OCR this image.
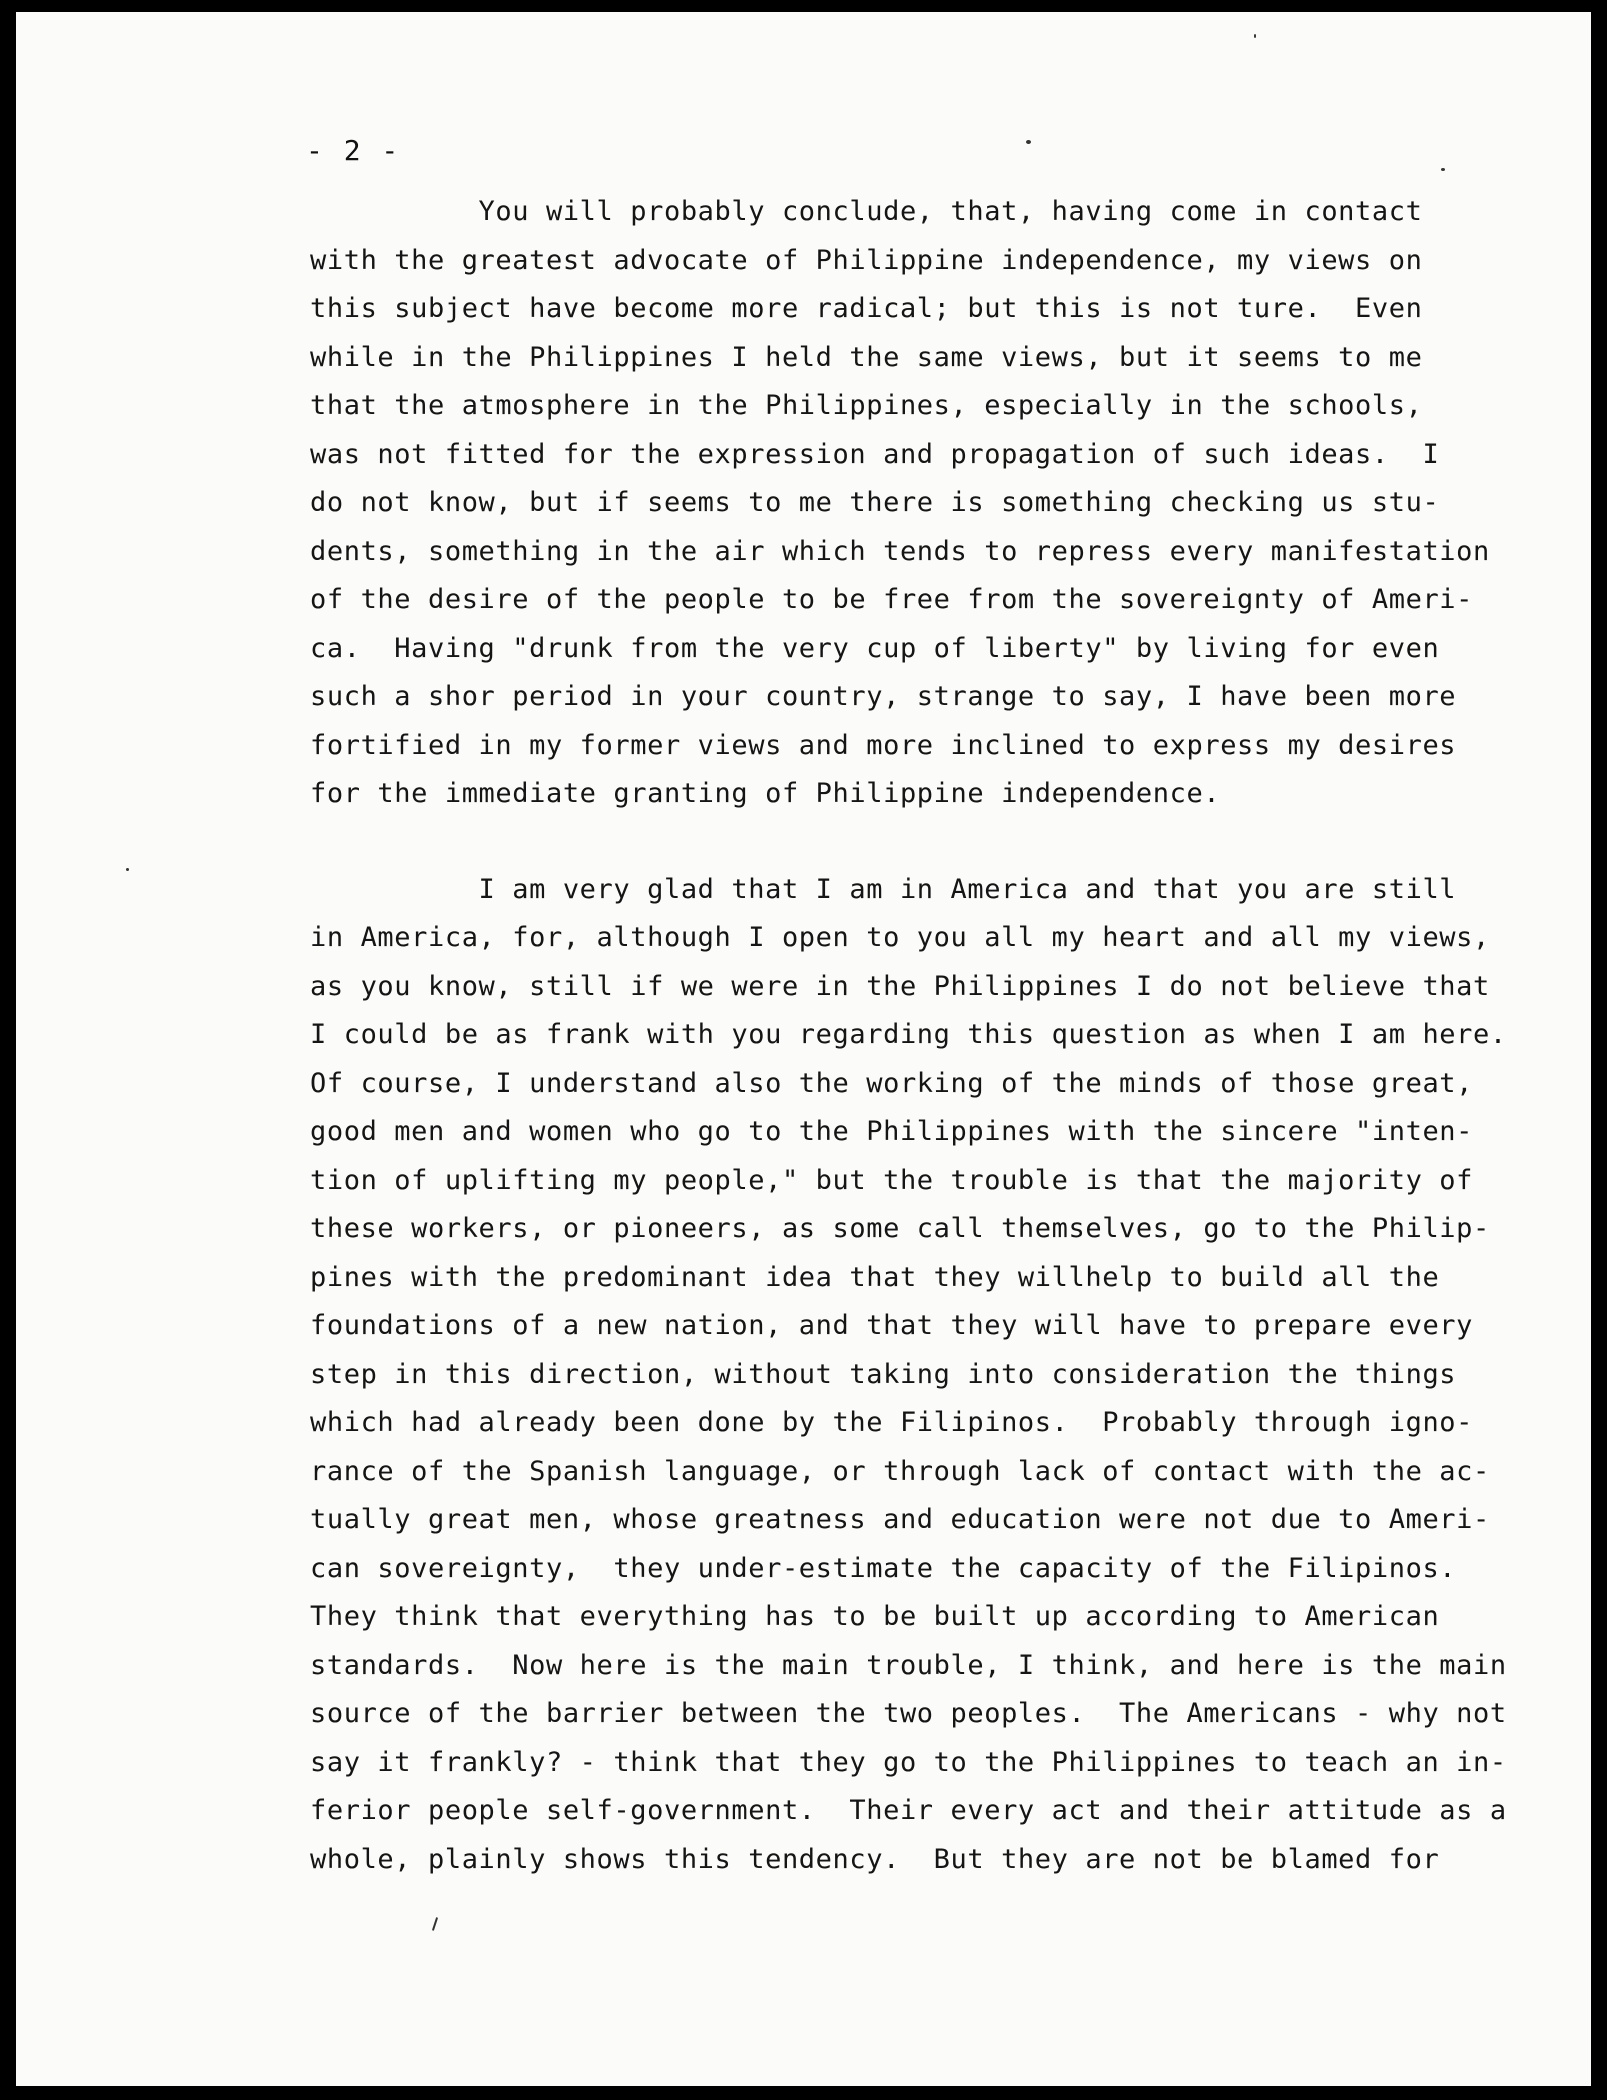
- 2 -
You will probably conclude, that, having come in contact
with the greatest advocate of Philippine independence, my views on
this subject have become more radical; but this is not ture.  Even
while in the Philippines I held the same views, but it seems to me
that the atmosphere in the Philippines, especially in the schools,
was not fitted for the expression and propagation of such ideas.  I
do not know, but if seems to me there is something checking us stu-
dents, something in the air which tends to repress every manifestation
of the desire of the people to be free from the sovereignty of Ameri-
ca.  Having "drunk from the very cup of liberty" by living for even
such a shor period in your country, strange to say, I have been more
fortified in my former views and more inclined to express my desires
for the immediate granting of Philippine independence.
I am very glad that I am in America and that you are still
in America, for, although I open to you all my heart and all my views,
as you know, still if we were in the Philippines I do not believe that
I could be as frank with you regarding this question as when I am here.
Of course, I understand also the working of the minds of those great,
good men and women who go to the Philippines with the sincere "inten-
tion of uplifting my people," but the trouble is that the majority of
these workers, or pioneers, as some call themselves, go to the Philip-
pines with the predominant idea that they willhelp to build all the
foundations of a new nation, and that they will have to prepare every
step in this direction, without taking into consideration the things
which had already been done by the Filipinos.  Probably through igno-
rance of the Spanish language, or through lack of contact with the ac-
tually great men, whose greatness and education were not due to Ameri-
can sovereignty,  they under-estimate the capacity of the Filipinos.
They think that everything has to be built up according to American
standards.  Now here is the main trouble, I think, and here is the main
source of the barrier between the two peoples.  The Americans - why not
say it frankly? - think that they go to the Philippines to teach an in-
ferior people self-government.  Their every act and their attitude as a
whole, plainly shows this tendency.  But they are not be blamed for
